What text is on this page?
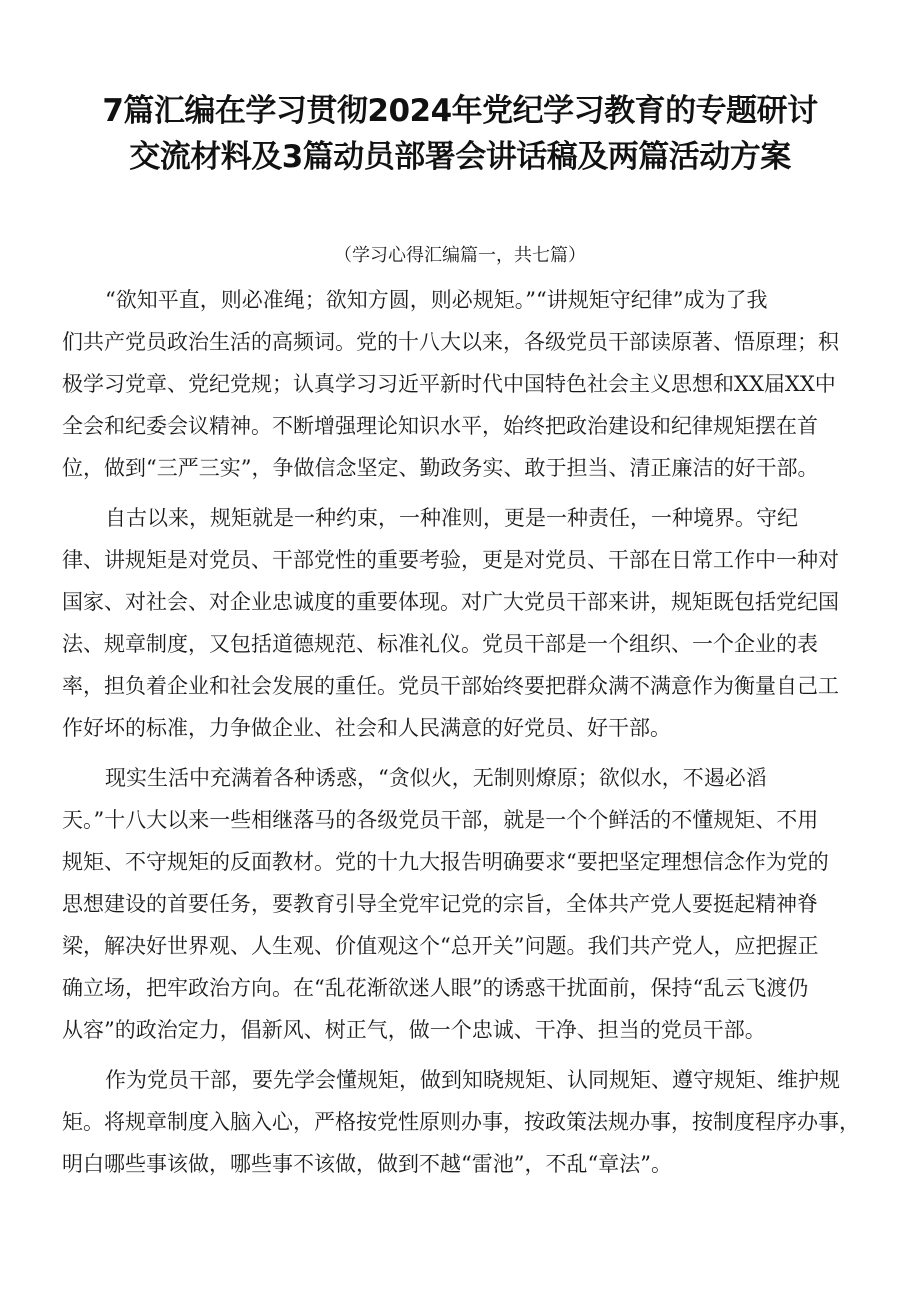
7篇汇编在学习贯彻2024年党纪学习教育的专题研讨
交流材料及3篇动员部署会讲话稿及两篇活动方案
（学习心得汇编篇一，共七篇）
“欲知平直，则必准绳；欲知方圆，则必规矩。”“讲规矩守纪律”成为了我
们共产党员政治生活的高频词。党的十八大以来，各级党员干部读原著、悟原理；积
极学习党章、党纪党规；认真学习习近平新时代中国特色社会主义思想和XX届XX中
全会和纪委会议精神。不断增强理论知识水平，始终把政治建设和纪律规矩摆在首
位，做到“三严三实”，争做信念坚定、勤政务实、敢于担当、清正廉洁的好干部。
自古以来，规矩就是一种约束，一种准则，更是一种责任，一种境界。守纪
律、讲规矩是对党员、干部党性的重要考验，更是对党员、干部在日常工作中一种对
国家、对社会、对企业忠诚度的重要体现。对广大党员干部来讲，规矩既包括党纪国
法、规章制度，又包括道德规范、标准礼仪。党员干部是一个组织、一个企业的表
率，担负着企业和社会发展的重任。党员干部始终要把群众满不满意作为衡量自己工
作好坏的标准，力争做企业、社会和人民满意的好党员、好干部。
现实生活中充满着各种诱惑，“贪似火，无制则燎原；欲似水，不遏必滔
天。”十八大以来一些相继落马的各级党员干部，就是一个个鲜活的不懂规矩、不用
规矩、不守规矩的反面教材。党的十九大报告明确要求“要把坚定理想信念作为党的
思想建设的首要任务，要教育引导全党牢记党的宗旨，全体共产党人要挺起精神脊
梁，解决好世界观、人生观、价值观这个“总开关”问题。我们共产党人，应把握正
确立场，把牢政治方向。在“乱花渐欲迷人眼”的诱惑干扰面前，保持“乱云飞渡仍
从容”的政治定力，倡新风、树正气，做一个忠诚、干净、担当的党员干部。
作为党员干部，要先学会懂规矩，做到知晓规矩、认同规矩、遵守规矩、维护规
矩。将规章制度入脑入心，严格按党性原则办事，按政策法规办事，按制度程序办事，
明白哪些事该做，哪些事不该做，做到不越“雷池”，不乱“章法”。
